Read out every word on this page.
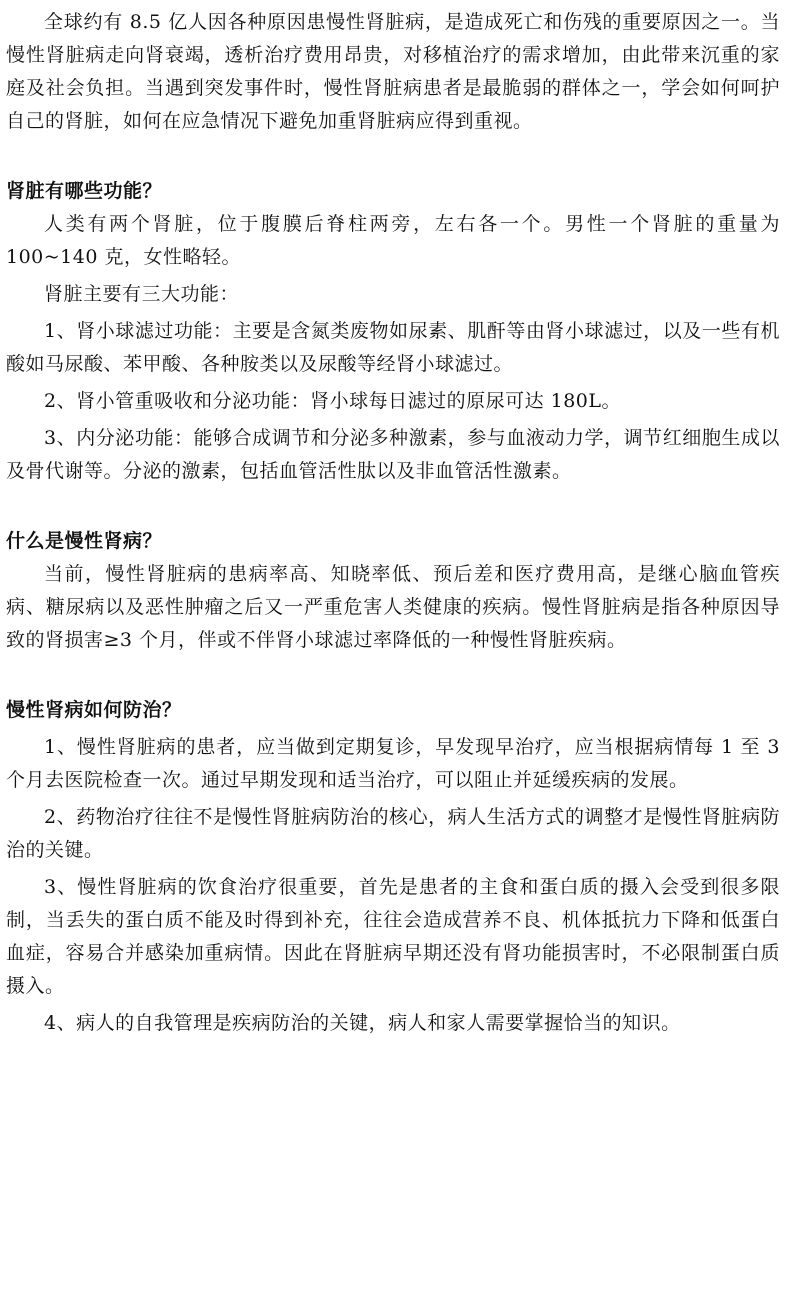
全球约有 8.5 亿人因各种原因患慢性肾脏病，是造成死亡和伤残的重要原因之一。当慢性肾脏病走向肾衰竭，透析治疗费用昂贵，对移植治疗的需求增加，由此带来沉重的家庭及社会负担。当遇到突发事件时，慢性肾脏病患者是最脆弱的群体之一，学会如何呵护自己的肾脏，如何在应急情况下避免加重肾脏病应得到重视。

肾脏有哪些功能？

人类有两个肾脏，位于腹膜后脊柱两旁，左右各一个。男性一个肾脏的重量为 100~140 克，女性略轻。

肾脏主要有三大功能：

1、肾小球滤过功能：主要是含氮类废物如尿素、肌酐等由肾小球滤过，以及一些有机酸如马尿酸、苯甲酸、各种胺类以及尿酸等经肾小球滤过。

2、肾小管重吸收和分泌功能：肾小球每日滤过的原尿可达 180L。

3、内分泌功能：能够合成调节和分泌多种激素，参与血液动力学，调节红细胞生成以及骨代谢等。分泌的激素，包括血管活性肽以及非血管活性激素。

什么是慢性肾病？

当前，慢性肾脏病的患病率高、知晓率低、预后差和医疗费用高，是继心脑血管疾病、糖尿病以及恶性肿瘤之后又一严重危害人类健康的疾病。慢性肾脏病是指各种原因导致的肾损害≥3 个月，伴或不伴肾小球滤过率降低的一种慢性肾脏疾病。

慢性肾病如何防治？

1、慢性肾脏病的患者，应当做到定期复诊，早发现早治疗，应当根据病情每 1 至 3 个月去医院检查一次。通过早期发现和适当治疗，可以阻止并延缓疾病的发展。

2、药物治疗往往不是慢性肾脏病防治的核心，病人生活方式的调整才是慢性肾脏病防治的关键。

3、慢性肾脏病的饮食治疗很重要，首先是患者的主食和蛋白质的摄入会受到很多限制，当丢失的蛋白质不能及时得到补充，往往会造成营养不良、机体抵抗力下降和低蛋白血症，容易合并感染加重病情。因此在肾脏病早期还没有肾功能损害时，不必限制蛋白质摄入。

4、病人的自我管理是疾病防治的关键，病人和家人需要掌握恰当的知识。
